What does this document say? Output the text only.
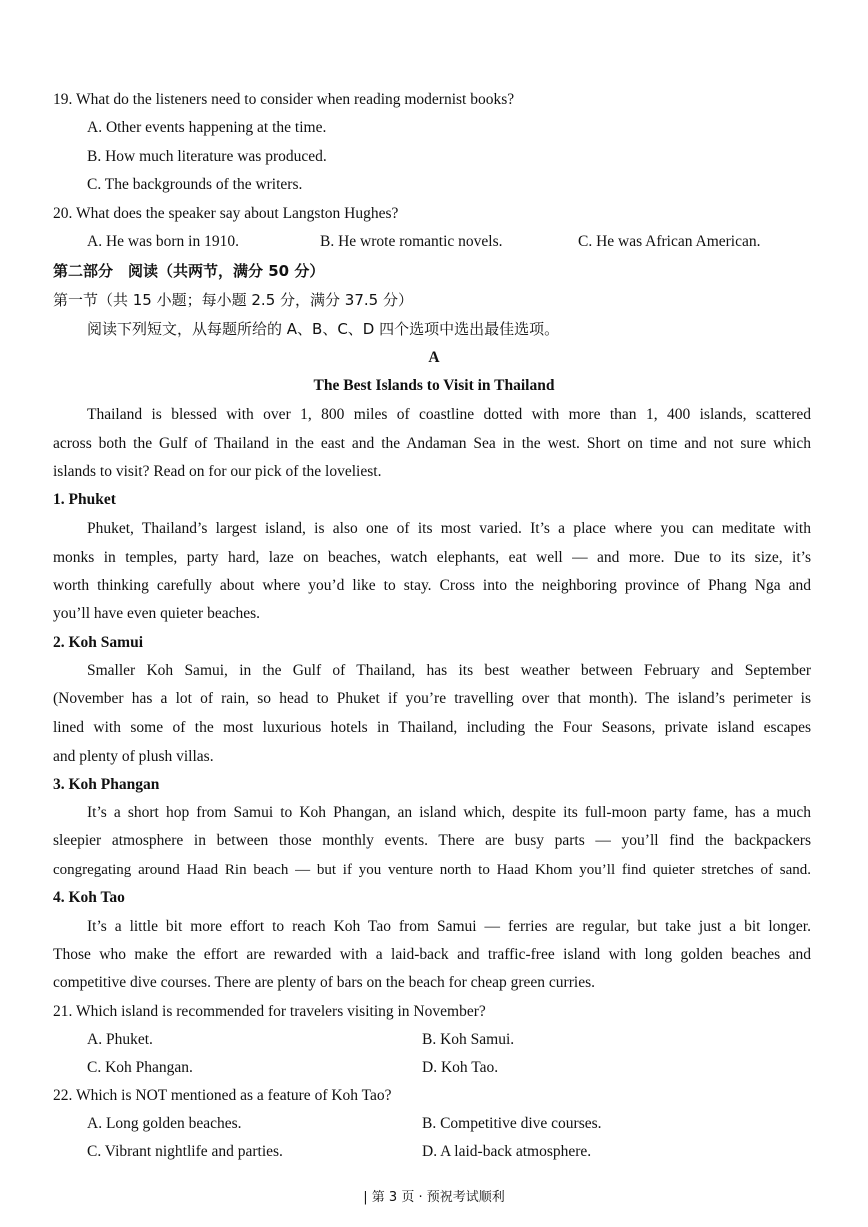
19. What do the listeners need to consider when reading modernist books?
A. Other events happening at the time.
B. How much literature was produced.
C. The backgrounds of the writers.
20. What does the speaker say about Langston Hughes?
A. He was born in 1910.	B. He wrote romantic novels.	C. He was African American.
第二部分　阅读（共两节，满分 50 分）
第一节（共 15 小题；每小题 2.5 分，满分 37.5 分）
阅读下列短文，从每题所给的 A、B、C、D 四个选项中选出最佳选项。
A
The Best Islands to Visit in Thailand
Thailand is blessed with over 1, 800 miles of coastline dotted with more than 1, 400 islands, scattered
across both the Gulf of Thailand in the east and the Andaman Sea in the west. Short on time and not sure which
islands to visit? Read on for our pick of the loveliest.
1. Phuket
Phuket, Thailand’s largest island, is also one of its most varied. It’s a place where you can meditate with
monks in temples, party hard, laze on beaches, watch elephants, eat well — and more. Due to its size, it’s
worth thinking carefully about where you’d like to stay. Cross into the neighboring province of Phang Nga and
you’ll have even quieter beaches.
2. Koh Samui
Smaller Koh Samui, in the Gulf of Thailand, has its best weather between February and September
(November has a lot of rain, so head to Phuket if you’re travelling over that month). The island’s perimeter is
lined with some of the most luxurious hotels in Thailand, including the Four Seasons, private island escapes
and plenty of plush villas.
3. Koh Phangan
It’s a short hop from Samui to Koh Phangan, an island which, despite its full-moon party fame, has a much
sleepier atmosphere in between those monthly events. There are busy parts — you’ll find the backpackers
congregating around Haad Rin beach — but if you venture north to Haad Khom you’ll find quieter stretches of sand.
4. Koh Tao
It’s a little bit more effort to reach Koh Tao from Samui — ferries are regular, but take just a bit longer.
Those who make the effort are rewarded with a laid-back and traffic-free island with long golden beaches and
competitive dive courses. There are plenty of bars on the beach for cheap green curries.
21. Which island is recommended for travelers visiting in November?
A. Phuket.	B. Koh Samui.
C. Koh Phangan.	D. Koh Tao.
22. Which is NOT mentioned as a feature of Koh Tao?
A. Long golden beaches.	B. Competitive dive courses.
C. Vibrant nightlife and parties.	D. A laid-back atmosphere.
| 第 3 页 · 预祝考试顺利
